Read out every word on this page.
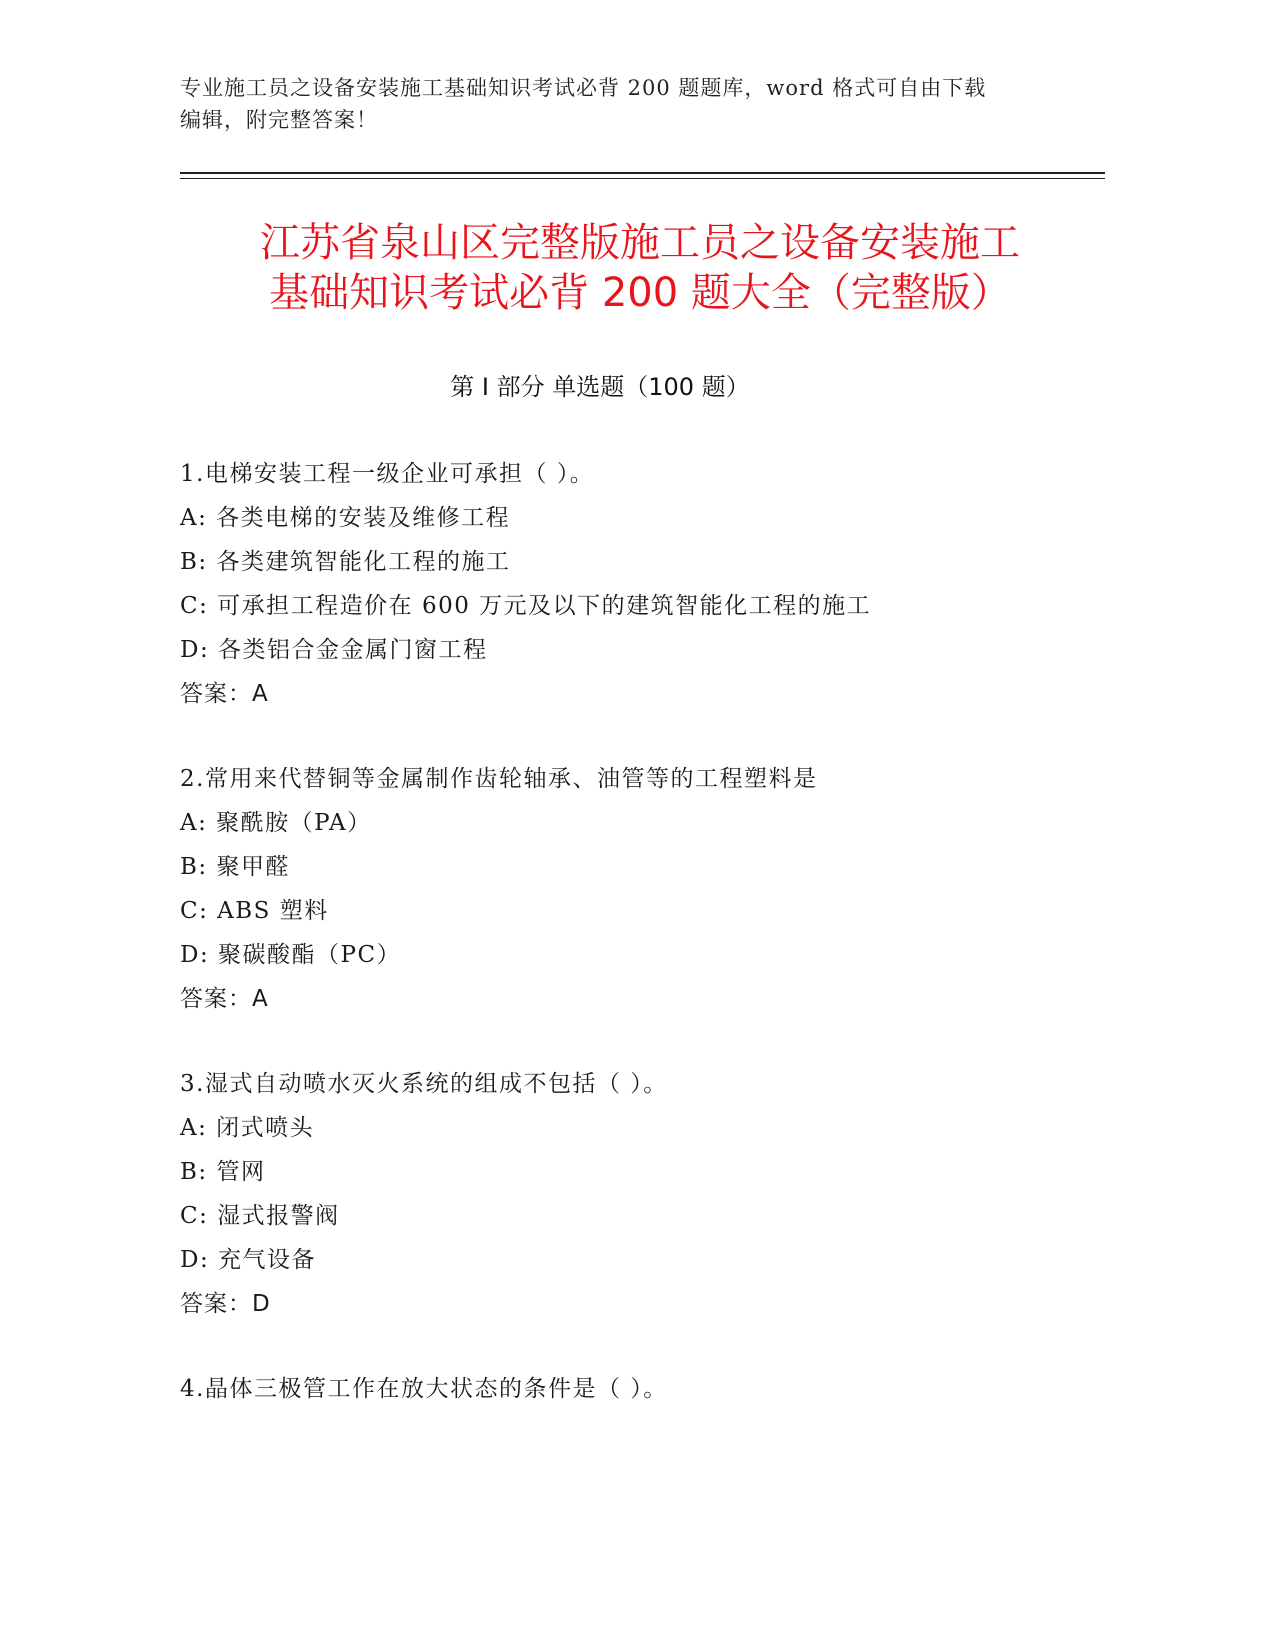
专业施工员之设备安装施工基础知识考试必背 200 题题库，word 格式可自由下载
编辑，附完整答案！
江苏省泉山区完整版施工员之设备安装施工
基础知识考试必背 200 题大全（完整版）
第 I 部分 单选题（100 题）
1.电梯安装工程一级企业可承担（ ）。
A: 各类电梯的安装及维修工程
B: 各类建筑智能化工程的施工
C: 可承担工程造价在 600 万元及以下的建筑智能化工程的施工
D: 各类铝合金金属门窗工程
答案：A
2.常用来代替铜等金属制作齿轮轴承、油管等的工程塑料是
A: 聚酰胺（PA）
B: 聚甲醛
C: ABS 塑料
D: 聚碳酸酯（PC）
答案：A
3.湿式自动喷水灭火系统的组成不包括（ ）。
A: 闭式喷头
B: 管网
C: 湿式报警阀
D: 充气设备
答案：D
4.晶体三极管工作在放大状态的条件是（ ）。
